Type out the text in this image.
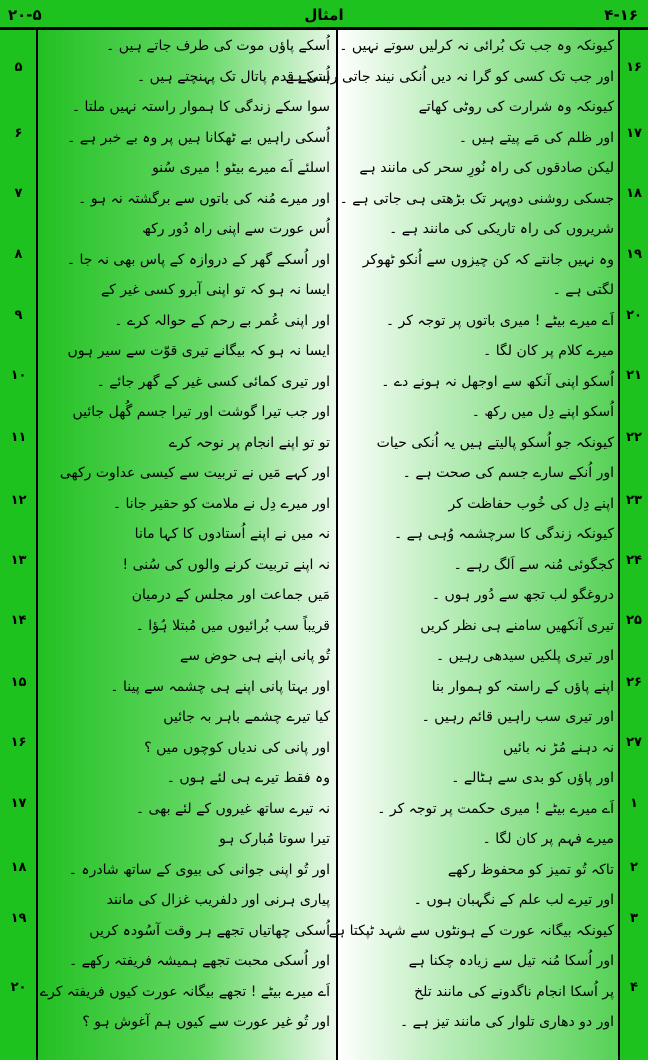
۲۰-۵	امثال	۴-۱۶
۵
۶
۷
۸
۹
۱۰
۱۱
۱۲
۱۳
۱۴
۱۵
۱۶
۱۷
۱۸
۱۹
۲۰
اُسکے پاؤں موت کی طرف جاتے ہیں ۔
اُسکے قدم پاتال تک پہنچتے ہیں ۔
سوا سکے زندگی کا ہموار راستہ نہیں ملتا ۔
اُسکی راہیں بے ٹھکانا ہیں پر وہ بے خبر ہے ۔
اسلئے اَے میرے بیٹو ! میری سُنو
اور میرے مُنہ کی باتوں سے برگشتہ نہ ہو ۔
اُس عورت سے اپنی راہ دُور رکھ
اور اُسکے گھر کے دروازہ کے پاس بھی نہ جا ۔
ایسا نہ ہو کہ تو اپنی آبرو کسی غیر کے
اور اپنی عُمر بے رحم کے حوالہ کرے ۔
ایسا نہ ہو کہ بیگانے تیری قوّت سے سیر ہوں
اور تیری کمائی کسی غیر کے گھر جائے ۔
اور جب تیرا گوشت اور تیرا جسم گُھل جائیں
تو تو اپنے انجام پر نوحہ کرے
اور کہے مَیں نے تربیت سے کیسی عداوت رکھی
اور میرے دِل نے ملامت کو حقیر جانا ۔
نہ میں نے اپنے اُستادوں کا کہا مانا
نہ اپنے تربیت کرنے والوں کی سُنی !
مَیں جماعت اور مجلس کے درمیان
قریباً سب بُرائیوں میں مُبتلا ہُؤا ۔
تُو پانی اپنے ہی حوض سے
اور بہتا پانی اپنے ہی چشمہ سے پینا ۔
کیا تیرے چشمے باہر بہ جائیں
اور پانی کی ندیاں کوچوں میں ؟
وہ فقط تیرے ہی لئے ہوں ۔
نہ تیرے ساتھ غیروں کے لئے بھی ۔
تیرا سوتا مُبارک ہو
اور تُو اپنی جوانی کی بیوی کے ساتھ شادرہ ۔
پیاری ہرنی اور دلفریب غزال کی مانند
اُسکی چھاتیاں تجھے ہر وقت آسُودہ کریں
اور اُسکی محبت تجھے ہمیشہ فریفتہ رکھے ۔
اَے میرے بیٹے ! تجھے بیگانہ عورت کیوں فریفتہ کرے
اور تُو غیر عورت سے کیوں ہم آغوش ہو ؟
کیونکہ وہ جب تک بُرائی نہ کرلیں سوتے نہیں ۔
اور جب تک کسی کو گرا نہ دیں اُنکی نیند جاتی رہتی ہے
کیونکہ وہ شرارت کی روٹی کھاتے
اور ظلم کی مَے پیتے ہیں ۔
لیکن صادقوں کی راہ نُورِ سحر کی مانند ہے
جسکی روشنی دوپہر تک بڑھتی ہی جاتی ہے ۔
شریروں کی راہ تاریکی کی مانند ہے ۔
وہ نہیں جانتے کہ کن چیزوں سے اُنکو ٹھوکر
لگتی ہے ۔
اَے میرے بیٹے ! میری باتوں پر توجہ کر ۔
میرے کلام پر کان لگا ۔
اُسکو اپنی آنکھ سے اوجھل نہ ہونے دے ۔
اُسکو اپنے دِل میں رکھ ۔
کیونکہ جو اُسکو پالیتے ہیں یہ اُنکی حیات
اور اُنکے سارے جسم کی صحت ہے ۔
اپنے دِل کی خُوب حفاظت کر
کیونکہ زندگی کا سرچشمہ وُہی ہے ۔
کجگوئی مُنہ سے اَلگ رہے ۔
دروغگو لب تجھ سے دُور ہوں ۔
تیری آنکھیں سامنے ہی نظر کریں
اور تیری پلکیں سیدھی رہیں ۔
اپنے پاؤں کے راستہ کو ہموار بنا
اور تیری سب راہیں قائم رہیں ۔
نہ دہنے مُڑ نہ بائیں
اور پاؤں کو بدی سے ہٹالے ۔
اَے میرے بیٹے ! میری حکمت پر توجہ کر ۔
میرے فہم پر کان لگا ۔
تاکہ تُو تمیز کو محفوظ رکھے
اور تیرے لب علم کے نگہبان ہوں ۔
کیونکہ بیگانہ عورت کے ہونٹوں سے شہد ٹپکتا ہے
اور اُسکا مُنہ تیل سے زیادہ چکنا ہے
پر اُسکا انجام ناگدونے کی مانند تلخ
اور دو دھاری تلوار کی مانند تیز ہے ۔
۱۶
۱۷
۱۸
۱۹
۲۰
۲۱
۲۲
۲۳
۲۴
۲۵
۲۶
۲۷
۱
۲
۳
۴
